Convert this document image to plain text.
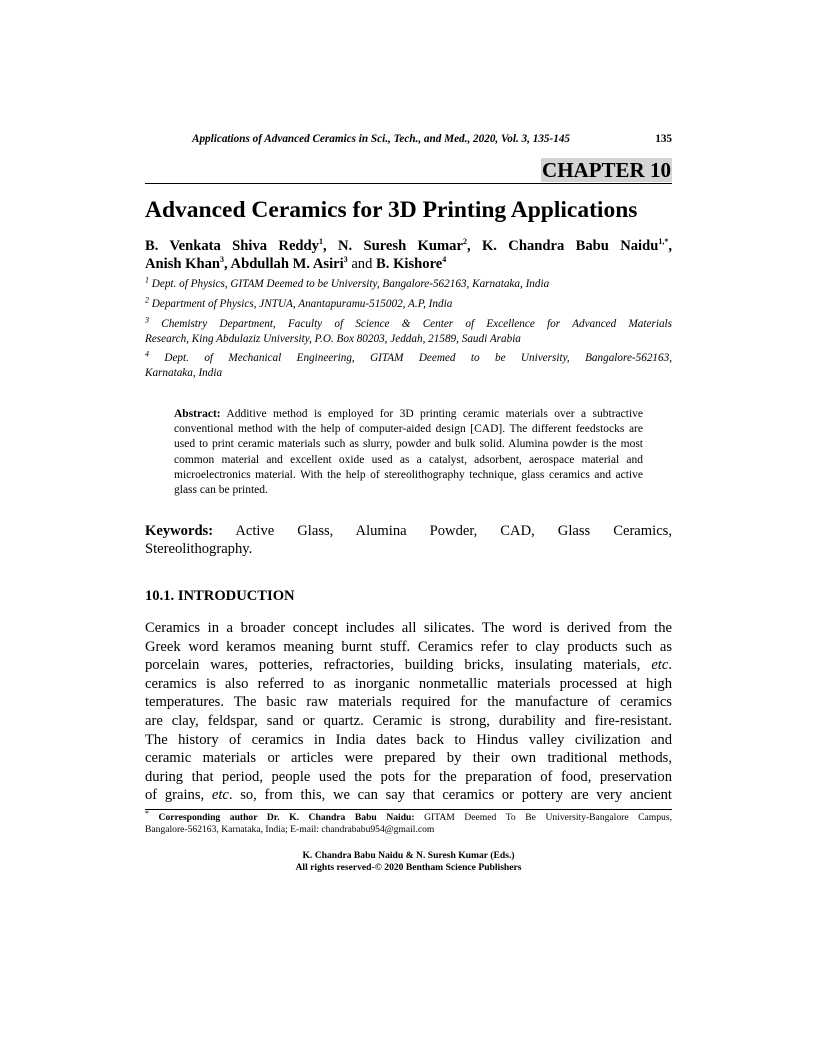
Applications of Advanced Ceramics in Sci., Tech., and Med., 2020, Vol. 3, 135-145	135
CHAPTER 10
Advanced Ceramics for 3D Printing Applications
B. Venkata Shiva Reddy$^1$, N. Suresh Kumar$^2$, K. Chandra Babu Naidu$^{1,*}$,
Anish Khan$^3$, Abdullah M. Asiri$^3$ and B. Kishore$^4$
$^1$ Dept. of Physics, GITAM Deemed to be University, Bangalore-562163, Karnataka, India
$^2$ Department of Physics, JNTUA, Anantapuramu-515002, A.P, India
$^3$ Chemistry Department, Faculty of Science & Center of Excellence for Advanced Materials
Research, King Abdulaziz University, P.O. Box 80203, Jeddah, 21589, Saudi Arabia
$^4$ Dept. of Mechanical Engineering, GITAM Deemed to be University, Bangalore-562163,
Karnataka, India
Abstract: Additive method is employed for 3D printing ceramic materials over a subtractive conventional method with the help of computer-aided design [CAD]. The different feedstocks are used to print ceramic materials such as slurry, powder and bulk solid. Alumina powder is the most common material and excellent oxide used as a catalyst, adsorbent, aerospace material and microelectronics material. With the help of stereolithography technique, glass ceramics and active glass can be printed.
Keywords: Active Glass, Alumina Powder, CAD, Glass Ceramics,
Stereolithography.
10.1. INTRODUCTION
Ceramics in a broader concept includes all silicates. The word is derived from the
Greek word keramos meaning burnt stuff. Ceramics refer to clay products such as
porcelain wares, potteries, refractories, building bricks, insulating materials, etc.
ceramics is also referred to as inorganic nonmetallic materials processed at high
temperatures. The basic raw materials required for the manufacture of ceramics
are clay, feldspar, sand or quartz. Ceramic is strong, durability and fire-resistant.
The history of ceramics in India dates back to Hindus valley civilization and
ceramic materials or articles were prepared by their own traditional methods,
during that period, people used the pots for the preparation of food, preservation
of grains, etc. so, from this, we can say that ceramics or pottery are very ancient
* Corresponding author Dr. K. Chandra Babu Naidu: GITAM Deemed To Be University-Bangalore Campus,
Bangalore-562163, Karnataka, India; E-mail: chandrababu954@gmail.com
K. Chandra Babu Naidu & N. Suresh Kumar (Eds.)
All rights reserved-© 2020 Bentham Science Publishers
